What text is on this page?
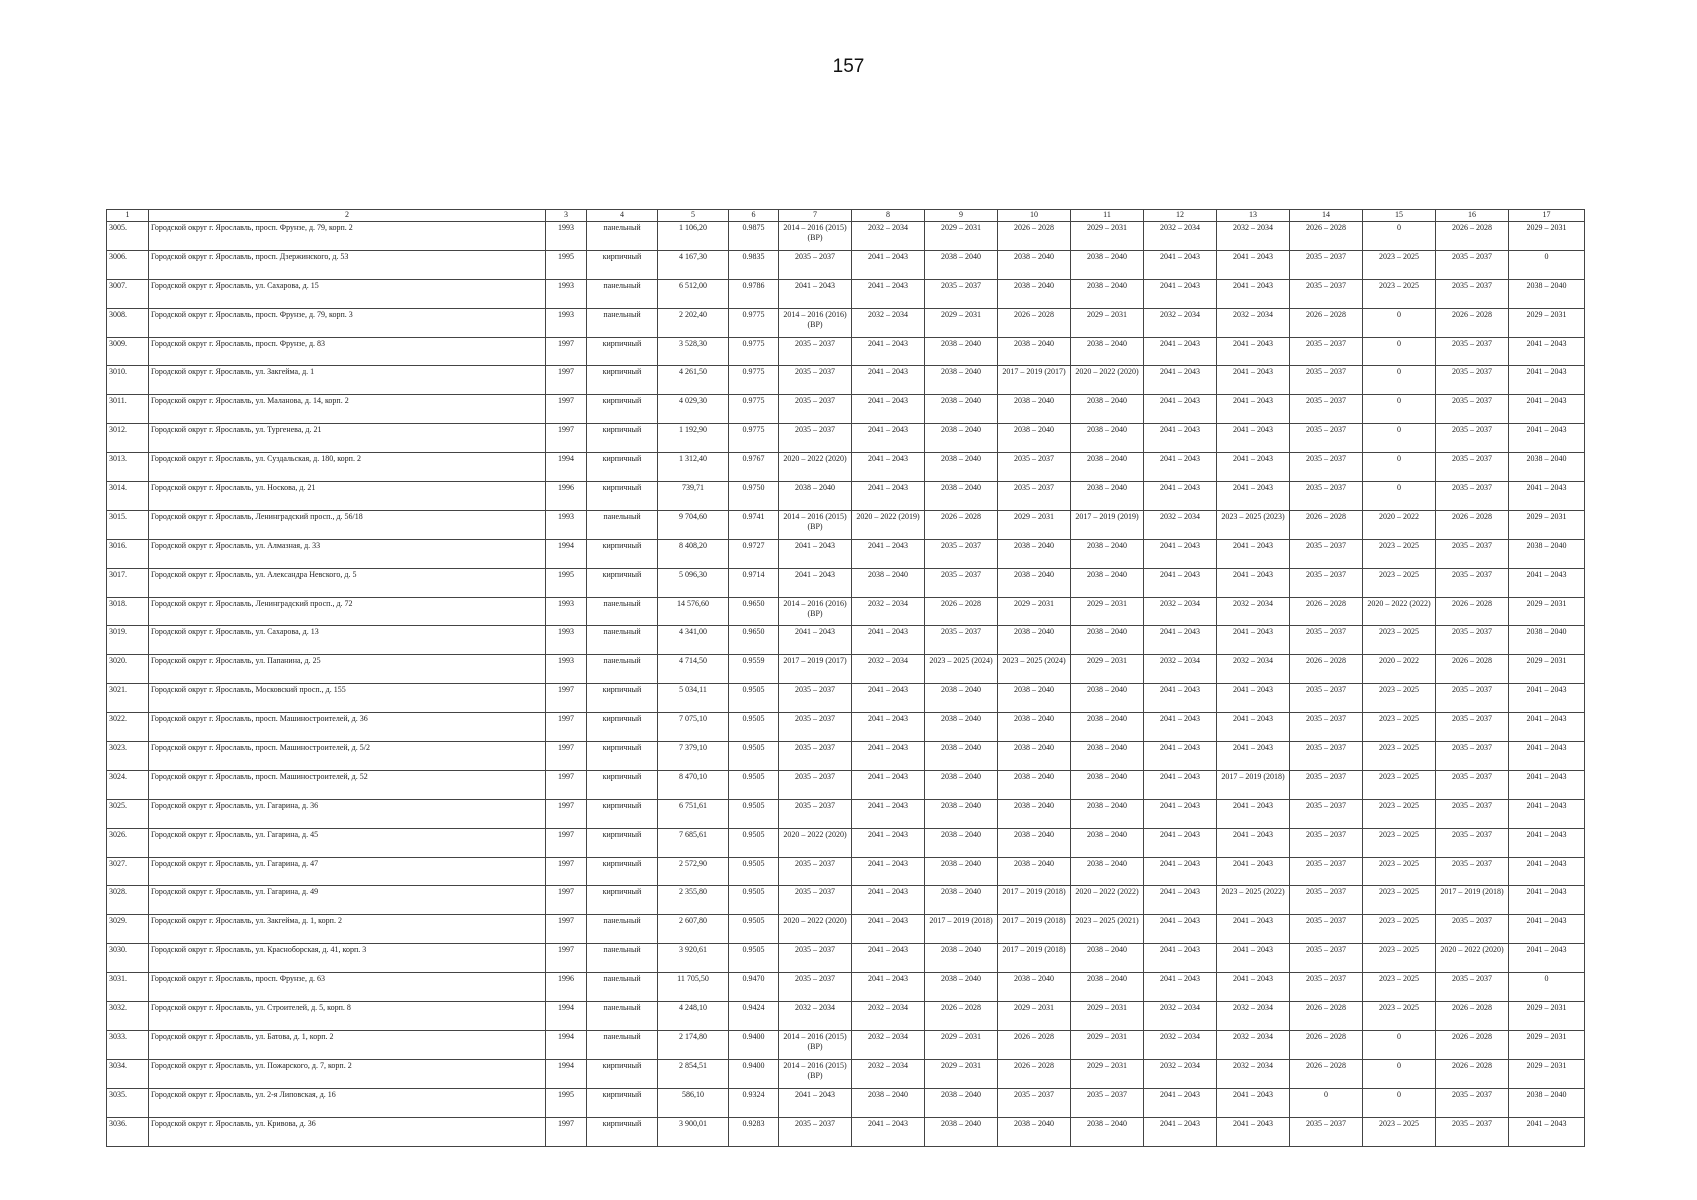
157
1	2	3	4	5	6	7	8	9	10	11	12	13	14	15	16	17
3005.	Городской округ г. Ярославль, просп. Фрунзе, д. 79, корп. 2	1993	панельный	1 106,20	0.9875	2014 – 2016 (2015) (ВР)	2032 – 2034	2029 – 2031	2026 – 2028	2029 – 2031	2032 – 2034	2032 – 2034	2026 – 2028	0	2026 – 2028	2029 – 2031
3006.	Городской округ г. Ярославль, просп. Дзержинского, д. 53	1995	кирпичный	4 167,30	0.9835	2035 – 2037	2041 – 2043	2038 – 2040	2038 – 2040	2038 – 2040	2041 – 2043	2041 – 2043	2035 – 2037	2023 – 2025	2035 – 2037	0
3007.	Городской округ г. Ярославль, ул. Сахарова, д. 15	1993	панельный	6 512,00	0.9786	2041 – 2043	2041 – 2043	2035 – 2037	2038 – 2040	2038 – 2040	2041 – 2043	2041 – 2043	2035 – 2037	2023 – 2025	2035 – 2037	2038 – 2040
3008.	Городской округ г. Ярославль, просп. Фрунзе, д. 79, корп. 3	1993	панельный	2 202,40	0.9775	2014 – 2016 (2016) (ВР)	2032 – 2034	2029 – 2031	2026 – 2028	2029 – 2031	2032 – 2034	2032 – 2034	2026 – 2028	0	2026 – 2028	2029 – 2031
3009.	Городской округ г. Ярославль, просп. Фрунзе, д. 83	1997	кирпичный	3 528,30	0.9775	2035 – 2037	2041 – 2043	2038 – 2040	2038 – 2040	2038 – 2040	2041 – 2043	2041 – 2043	2035 – 2037	0	2035 – 2037	2041 – 2043
3010.	Городской округ г. Ярославль, ул. Закгейма, д. 1	1997	кирпичный	4 261,50	0.9775	2035 – 2037	2041 – 2043	2038 – 2040	2017 – 2019 (2017)	2020 – 2022 (2020)	2041 – 2043	2041 – 2043	2035 – 2037	0	2035 – 2037	2041 – 2043
3011.	Городской округ г. Ярославль, ул. Маланова, д. 14, корп. 2	1997	кирпичный	4 029,30	0.9775	2035 – 2037	2041 – 2043	2038 – 2040	2038 – 2040	2038 – 2040	2041 – 2043	2041 – 2043	2035 – 2037	0	2035 – 2037	2041 – 2043
3012.	Городской округ г. Ярославль, ул. Тургенева, д. 21	1997	кирпичный	1 192,90	0.9775	2035 – 2037	2041 – 2043	2038 – 2040	2038 – 2040	2038 – 2040	2041 – 2043	2041 – 2043	2035 – 2037	0	2035 – 2037	2041 – 2043
3013.	Городской округ г. Ярославль, ул. Суздальская, д. 180, корп. 2	1994	кирпичный	1 312,40	0.9767	2020 – 2022 (2020)	2041 – 2043	2038 – 2040	2035 – 2037	2038 – 2040	2041 – 2043	2041 – 2043	2035 – 2037	0	2035 – 2037	2038 – 2040
3014.	Городской округ г. Ярославль, ул. Носкова, д. 21	1996	кирпичный	739,71	0.9750	2038 – 2040	2041 – 2043	2038 – 2040	2035 – 2037	2038 – 2040	2041 – 2043	2041 – 2043	2035 – 2037	0	2035 – 2037	2041 – 2043
3015.	Городской округ г. Ярославль, Ленинградский просп., д. 56/18	1993	панельный	9 704,60	0.9741	2014 – 2016 (2015) (ВР)	2020 – 2022 (2019)	2026 – 2028	2029 – 2031	2017 – 2019 (2019)	2032 – 2034	2023 – 2025 (2023)	2026 – 2028	2020 – 2022	2026 – 2028	2029 – 2031
3016.	Городской округ г. Ярославль, ул. Алмазная, д. 33	1994	кирпичный	8 408,20	0.9727	2041 – 2043	2041 – 2043	2035 – 2037	2038 – 2040	2038 – 2040	2041 – 2043	2041 – 2043	2035 – 2037	2023 – 2025	2035 – 2037	2038 – 2040
3017.	Городской округ г. Ярославль, ул. Александра Невского, д. 5	1995	кирпичный	5 096,30	0.9714	2041 – 2043	2038 – 2040	2035 – 2037	2038 – 2040	2038 – 2040	2041 – 2043	2041 – 2043	2035 – 2037	2023 – 2025	2035 – 2037	2041 – 2043
3018.	Городской округ г. Ярославль, Ленинградский просп., д. 72	1993	панельный	14 576,60	0.9650	2014 – 2016 (2016) (ВР)	2032 – 2034	2026 – 2028	2029 – 2031	2029 – 2031	2032 – 2034	2032 – 2034	2026 – 2028	2020 – 2022 (2022)	2026 – 2028	2029 – 2031
3019.	Городской округ г. Ярославль, ул. Сахарова, д. 13	1993	панельный	4 341,00	0.9650	2041 – 2043	2041 – 2043	2035 – 2037	2038 – 2040	2038 – 2040	2041 – 2043	2041 – 2043	2035 – 2037	2023 – 2025	2035 – 2037	2038 – 2040
3020.	Городской округ г. Ярославль, ул. Папанина, д. 25	1993	панельный	4 714,50	0.9559	2017 – 2019 (2017)	2032 – 2034	2023 – 2025 (2024)	2023 – 2025 (2024)	2029 – 2031	2032 – 2034	2032 – 2034	2026 – 2028	2020 – 2022	2026 – 2028	2029 – 2031
3021.	Городской округ г. Ярославль, Московский просп., д. 155	1997	кирпичный	5 034,11	0.9505	2035 – 2037	2041 – 2043	2038 – 2040	2038 – 2040	2038 – 2040	2041 – 2043	2041 – 2043	2035 – 2037	2023 – 2025	2035 – 2037	2041 – 2043
3022.	Городской округ г. Ярославль, просп. Машиностроителей, д. 36	1997	кирпичный	7 075,10	0.9505	2035 – 2037	2041 – 2043	2038 – 2040	2038 – 2040	2038 – 2040	2041 – 2043	2041 – 2043	2035 – 2037	2023 – 2025	2035 – 2037	2041 – 2043
3023.	Городской округ г. Ярославль, просп. Машиностроителей, д. 5/2	1997	кирпичный	7 379,10	0.9505	2035 – 2037	2041 – 2043	2038 – 2040	2038 – 2040	2038 – 2040	2041 – 2043	2041 – 2043	2035 – 2037	2023 – 2025	2035 – 2037	2041 – 2043
3024.	Городской округ г. Ярославль, просп. Машиностроителей, д. 52	1997	кирпичный	8 470,10	0.9505	2035 – 2037	2041 – 2043	2038 – 2040	2038 – 2040	2038 – 2040	2041 – 2043	2017 – 2019 (2018)	2035 – 2037	2023 – 2025	2035 – 2037	2041 – 2043
3025.	Городской округ г. Ярославль, ул. Гагарина, д. 36	1997	кирпичный	6 751,61	0.9505	2035 – 2037	2041 – 2043	2038 – 2040	2038 – 2040	2038 – 2040	2041 – 2043	2041 – 2043	2035 – 2037	2023 – 2025	2035 – 2037	2041 – 2043
3026.	Городской округ г. Ярославль, ул. Гагарина, д. 45	1997	кирпичный	7 685,61	0.9505	2020 – 2022 (2020)	2041 – 2043	2038 – 2040	2038 – 2040	2038 – 2040	2041 – 2043	2041 – 2043	2035 – 2037	2023 – 2025	2035 – 2037	2041 – 2043
3027.	Городской округ г. Ярославль, ул. Гагарина, д. 47	1997	кирпичный	2 572,90	0.9505	2035 – 2037	2041 – 2043	2038 – 2040	2038 – 2040	2038 – 2040	2041 – 2043	2041 – 2043	2035 – 2037	2023 – 2025	2035 – 2037	2041 – 2043
3028.	Городской округ г. Ярославль, ул. Гагарина, д. 49	1997	кирпичный	2 355,80	0.9505	2035 – 2037	2041 – 2043	2038 – 2040	2017 – 2019 (2018)	2020 – 2022 (2022)	2041 – 2043	2023 – 2025 (2022)	2035 – 2037	2023 – 2025	2017 – 2019 (2018)	2041 – 2043
3029.	Городской округ г. Ярославль, ул. Закгейма, д. 1, корп. 2	1997	панельный	2 607,80	0.9505	2020 – 2022 (2020)	2041 – 2043	2017 – 2019 (2018)	2017 – 2019 (2018)	2023 – 2025 (2021)	2041 – 2043	2041 – 2043	2035 – 2037	2023 – 2025	2035 – 2037	2041 – 2043
3030.	Городской округ г. Ярославль, ул. Красноборская, д. 41, корп. 3	1997	панельный	3 920,61	0.9505	2035 – 2037	2041 – 2043	2038 – 2040	2017 – 2019 (2018)	2038 – 2040	2041 – 2043	2041 – 2043	2035 – 2037	2023 – 2025	2020 – 2022 (2020)	2041 – 2043
3031.	Городской округ г. Ярославль, просп. Фрунзе, д. 63	1996	панельный	11 705,50	0.9470	2035 – 2037	2041 – 2043	2038 – 2040	2038 – 2040	2038 – 2040	2041 – 2043	2041 – 2043	2035 – 2037	2023 – 2025	2035 – 2037	0
3032.	Городской округ г. Ярославль, ул. Строителей, д. 5, корп. 8	1994	панельный	4 248,10	0.9424	2032 – 2034	2032 – 2034	2026 – 2028	2029 – 2031	2029 – 2031	2032 – 2034	2032 – 2034	2026 – 2028	2023 – 2025	2026 – 2028	2029 – 2031
3033.	Городской округ г. Ярославль, ул. Батова, д. 1, корп. 2	1994	панельный	2 174,80	0.9400	2014 – 2016 (2015) (ВР)	2032 – 2034	2029 – 2031	2026 – 2028	2029 – 2031	2032 – 2034	2032 – 2034	2026 – 2028	0	2026 – 2028	2029 – 2031
3034.	Городской округ г. Ярославль, ул. Пожарского, д. 7, корп. 2	1994	кирпичный	2 854,51	0.9400	2014 – 2016 (2015) (ВР)	2032 – 2034	2029 – 2031	2026 – 2028	2029 – 2031	2032 – 2034	2032 – 2034	2026 – 2028	0	2026 – 2028	2029 – 2031
3035.	Городской округ г. Ярославль, ул. 2-я Липовская, д. 16	1995	кирпичный	586,10	0.9324	2041 – 2043	2038 – 2040	2038 – 2040	2035 – 2037	2035 – 2037	2041 – 2043	2041 – 2043	0	0	2035 – 2037	2038 – 2040
3036.	Городской округ г. Ярославль, ул. Кривова, д. 36	1997	кирпичный	3 900,01	0.9283	2035 – 2037	2041 – 2043	2038 – 2040	2038 – 2040	2038 – 2040	2041 – 2043	2041 – 2043	2035 – 2037	2023 – 2025	2035 – 2037	2041 – 2043
